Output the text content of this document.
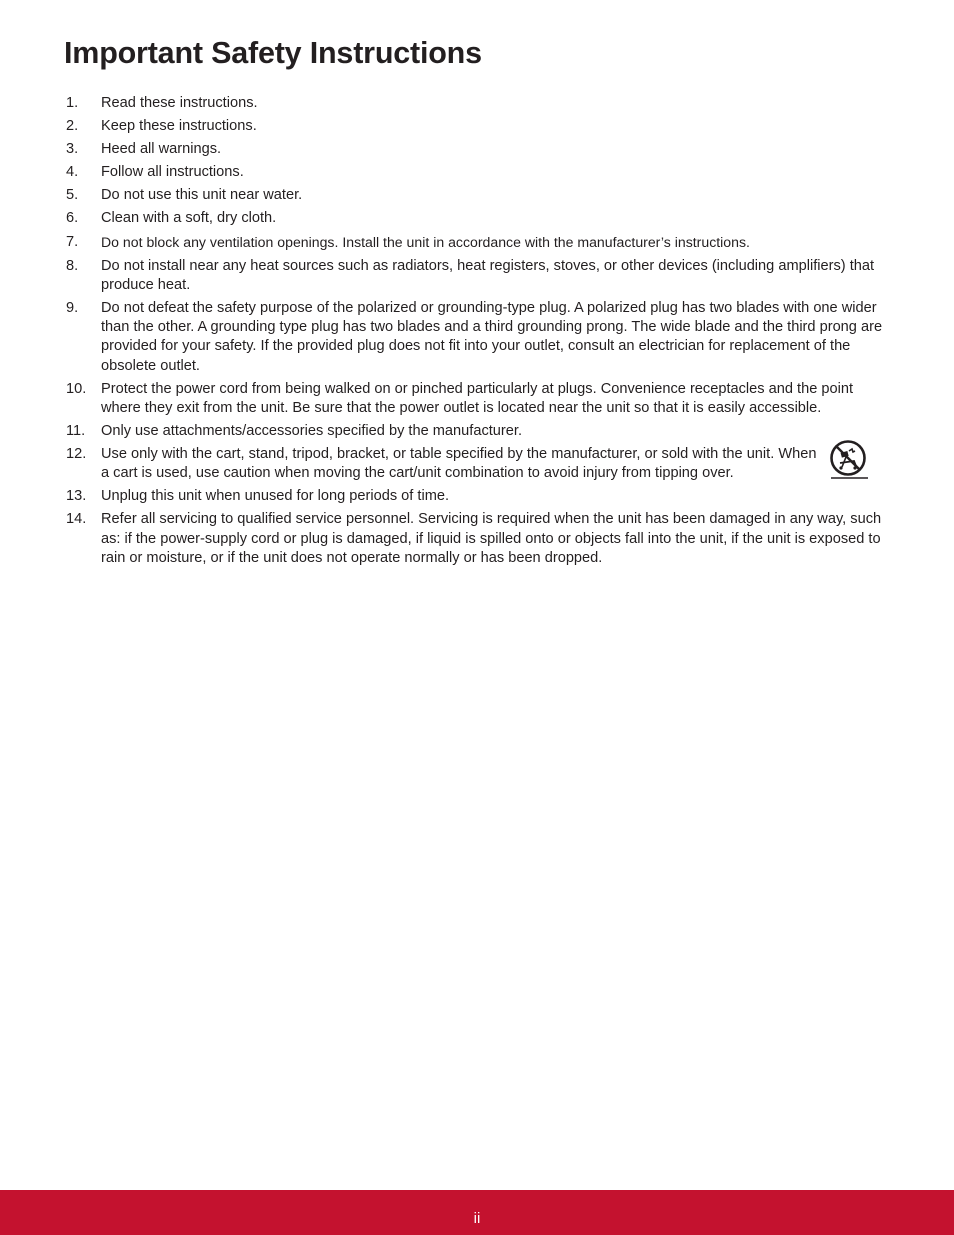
Important Safety Instructions
1. Read these instructions.
2. Keep these instructions.
3. Heed all warnings.
4. Follow all instructions.
5. Do not use this unit near water.
6. Clean with a soft, dry cloth.
7. Do not block any ventilation openings. Install the unit in accordance with the manufacturer’s instructions.
8. Do not install near any heat sources such as radiators, heat registers, stoves, or other devices (including amplifiers) that produce heat.
9. Do not defeat the safety purpose of the polarized or grounding-type plug. A polarized plug has two blades with one wider than the other. A grounding type plug has two blades and a third grounding prong. The wide blade and the third prong are provided for your safety. If the provided plug does not fit into your outlet, consult an electrician for replacement of the obsolete outlet.
10. Protect the power cord from being walked on or pinched particularly at plugs. Convenience receptacles and the point where they exit from the unit. Be sure that the power outlet is located near the unit so that it is easily accessible.
11. Only use attachments/accessories specified by the manufacturer.
12. Use only with the cart, stand, tripod, bracket, or table specified by the manufacturer, or sold with the unit. When a cart is used, use caution when moving the cart/unit combination to avoid injury from tipping over.
13. Unplug this unit when unused for long periods of time.
14. Refer all servicing to qualified service personnel. Servicing is required when the unit has been damaged in any way, such as: if the power-supply cord or plug is damaged, if liquid is spilled onto or objects fall into the unit, if the unit is exposed to rain or moisture, or if the unit does not operate normally or has been dropped.
ii
